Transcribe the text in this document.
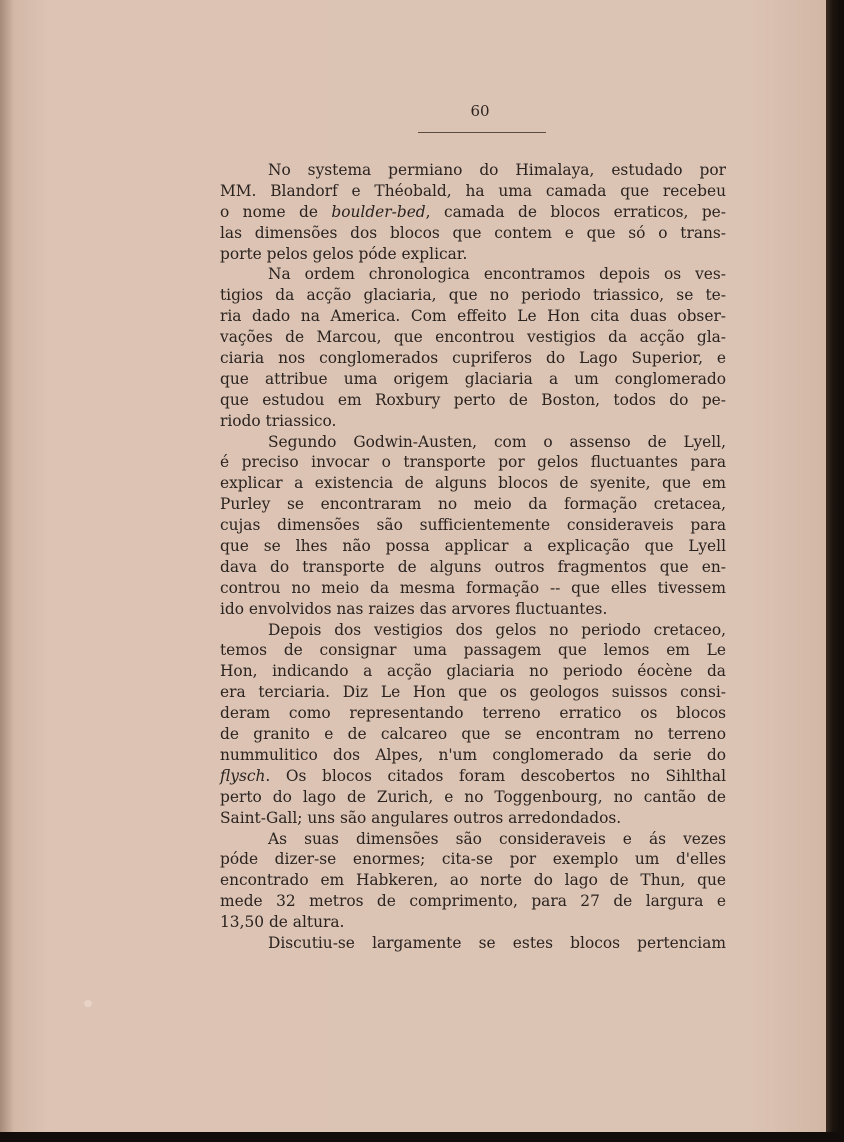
60
No systema permiano do Himalaya, estudado por
MM. Blandorf e Théobald, ha uma camada que recebeu
o nome de boulder-bed, camada de blocos erraticos, pe-
las dimensões dos blocos que contem e que só o trans-
porte pelos gelos póde explicar.
Na ordem chronologica encontramos depois os ves-
tigios da acção glaciaria, que no periodo triassico, se te-
ria dado na America. Com effeito Le Hon cita duas obser-
vações de Marcou, que encontrou vestigios da acção gla-
ciaria nos conglomerados cupriferos do Lago Superior, e
que attribue uma origem glaciaria a um conglomerado
que estudou em Roxbury perto de Boston, todos do pe-
riodo triassico.
Segundo Godwin-Austen, com o assenso de Lyell,
é preciso invocar o transporte por gelos fluctuantes para
explicar a existencia de alguns blocos de syenite, que em
Purley se encontraram no meio da formação cretacea,
cujas dimensões são sufficientemente consideraveis para
que se lhes não possa applicar a explicação que Lyell
dava do transporte de alguns outros fragmentos que en-
controu no meio da mesma formação -- que elles tivessem
ido envolvidos nas raizes das arvores fluctuantes.
Depois dos vestigios dos gelos no periodo cretaceo,
temos de consignar uma passagem que lemos em Le
Hon, indicando a acção glaciaria no periodo éocène da
era terciaria. Diz Le Hon que os geologos suissos consi-
deram como representando terreno erratico os blocos
de granito e de calcareo que se encontram no terreno
nummulitico dos Alpes, n'um conglomerado da serie do
flysch. Os blocos citados foram descobertos no Sihlthal
perto do lago de Zurich, e no Toggenbourg, no cantão de
Saint-Gall; uns são angulares outros arredondados.
As suas dimensões são consideraveis e ás vezes
póde dizer-se enormes; cita-se por exemplo um d'elles
encontrado em Habkeren, ao norte do lago de Thun, que
mede 32 metros de comprimento, para 27 de largura e
13,50 de altura.
Discutiu-se largamente se estes blocos pertenciam
